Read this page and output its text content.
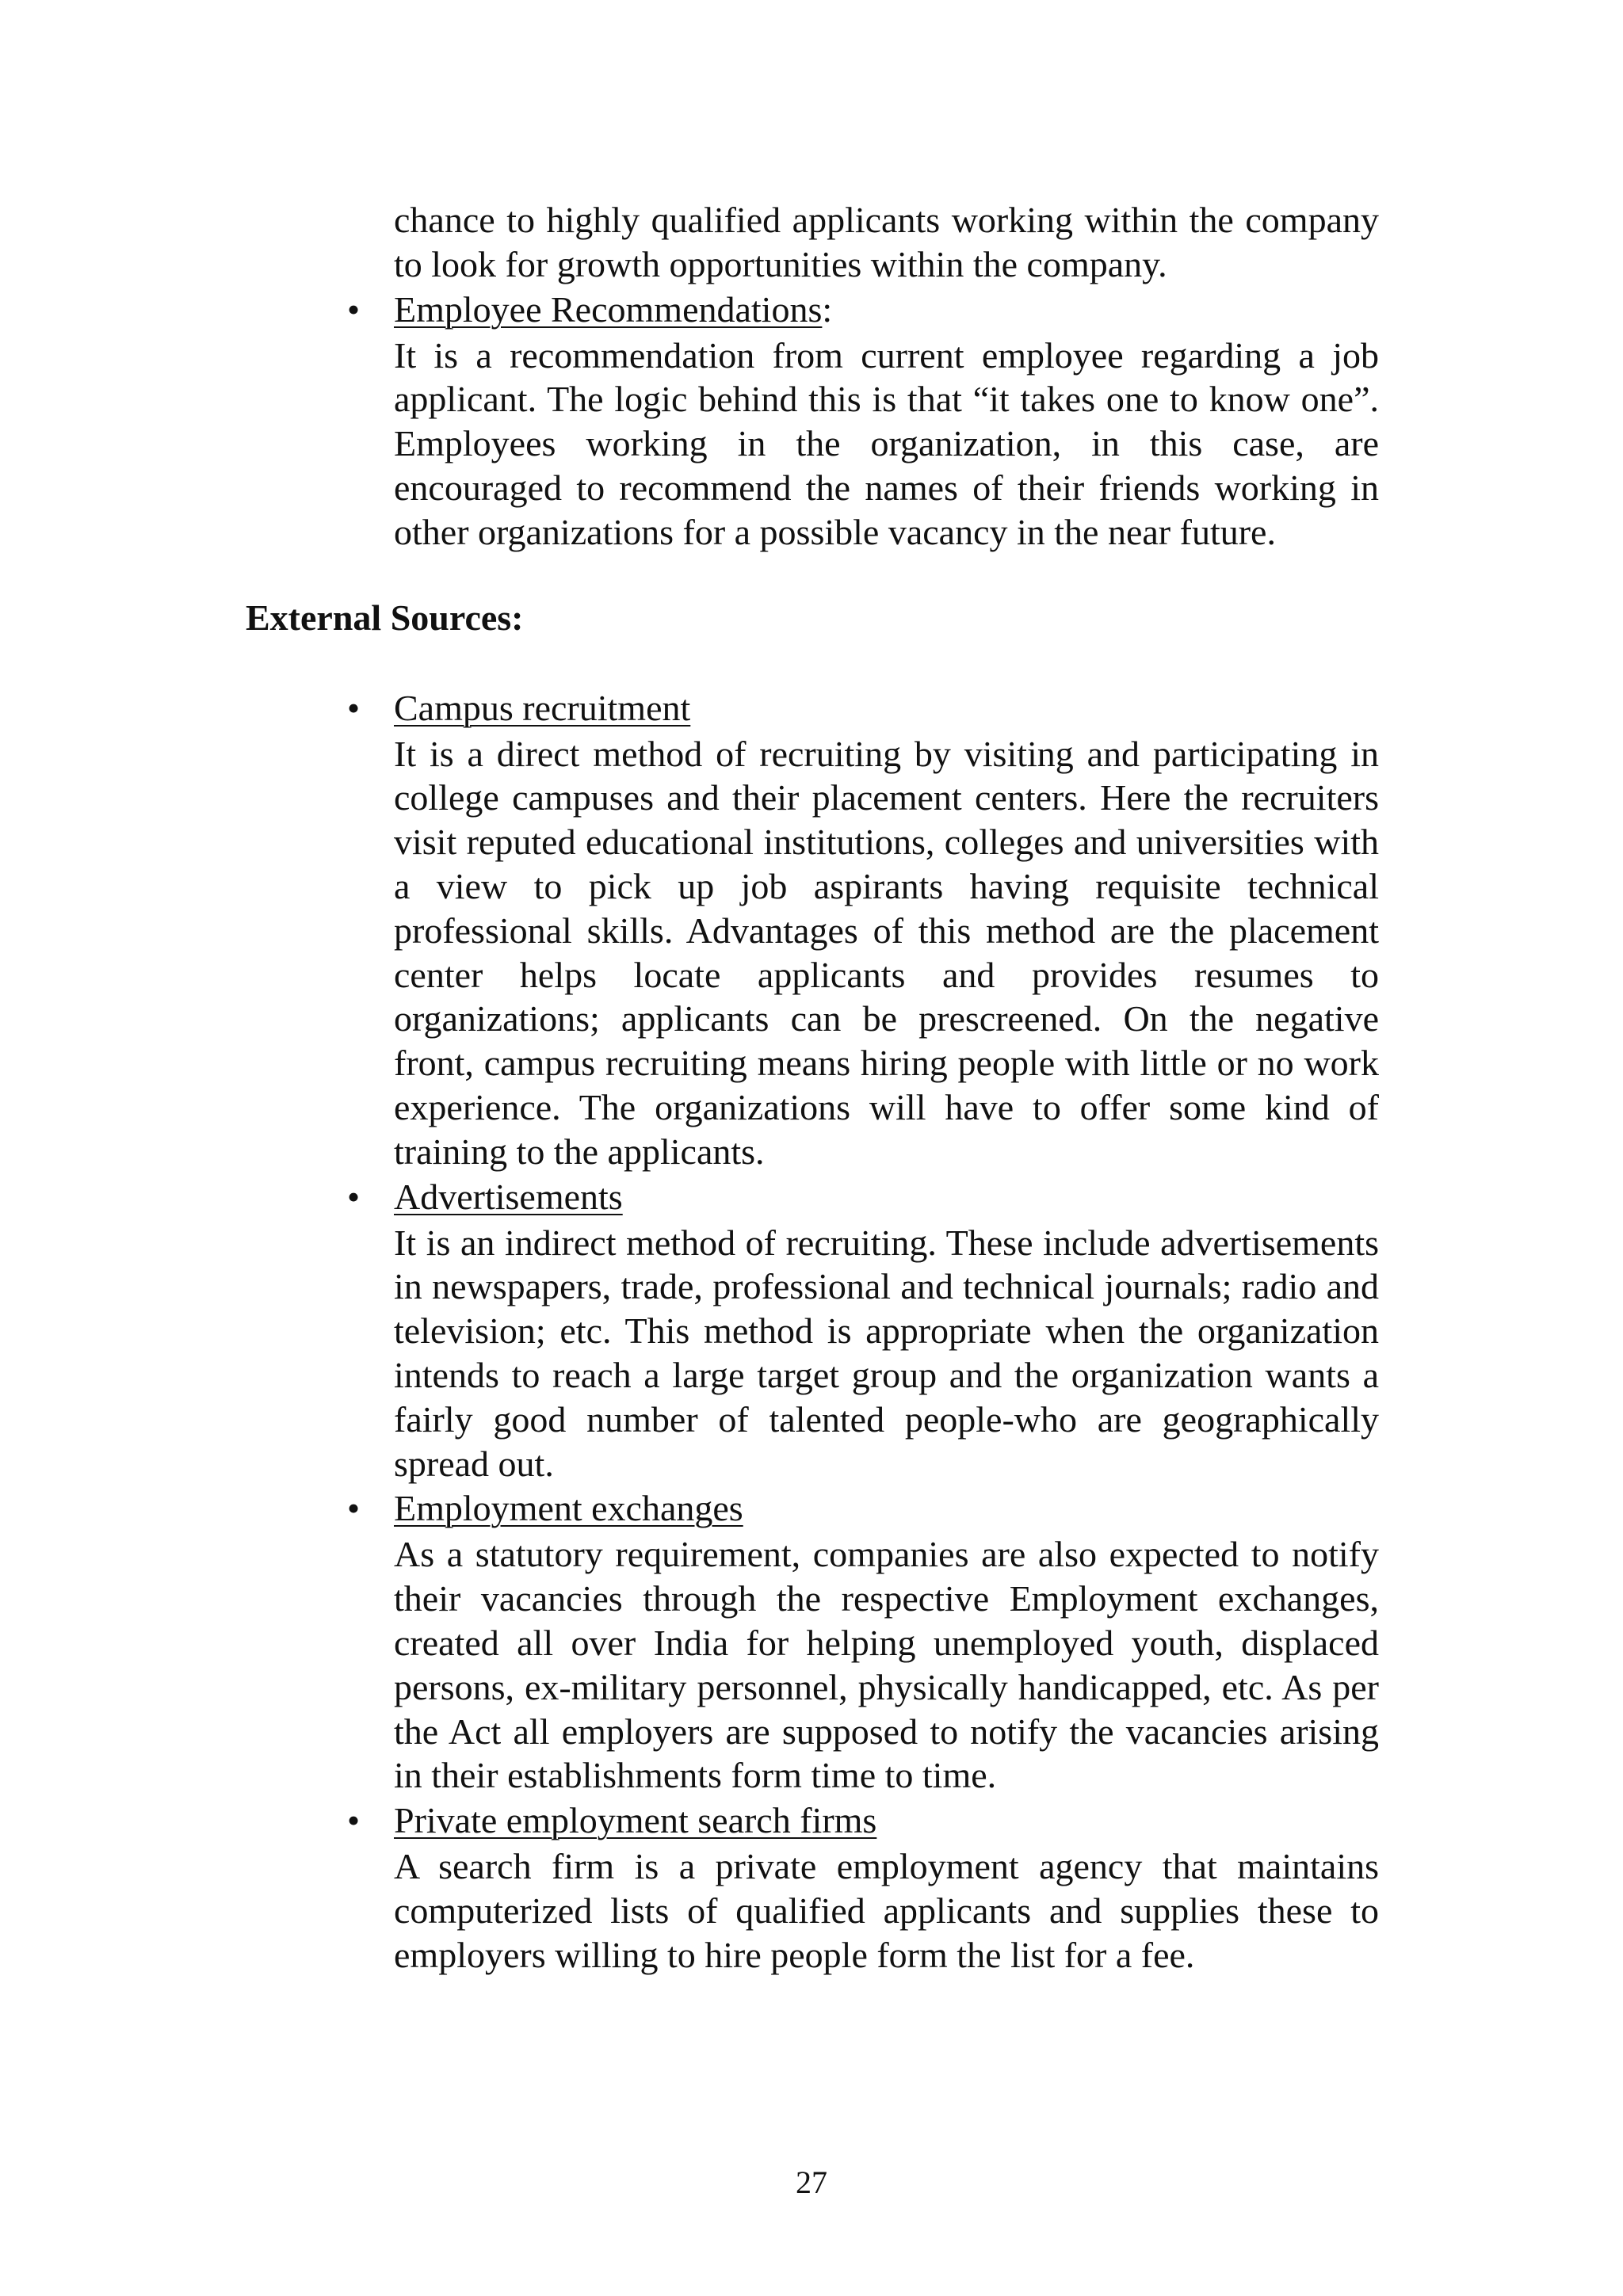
chance to highly qualified applicants working within the company to look for growth opportunities within the company.

• Employee Recommendations:

It is a recommendation from current employee regarding a job applicant. The logic behind this is that “it takes one to know one”. Employees working in the organization, in this case, are encouraged to recommend the names of their friends working in other organizations for a possible vacancy in the near future.

External Sources:
• Campus recruitment

It is a direct method of recruiting by visiting and participating in college campuses and their placement centers. Here the recruiters visit reputed educational institutions, colleges and universities with a view to pick up job aspirants having requisite technical professional skills. Advantages of this method are the placement center helps locate applicants and provides resumes to organizations; applicants can be prescreened. On the negative front, campus recruiting means hiring people with little or no work experience. The organizations will have to offer some kind of training to the applicants.

• Advertisements

It is an indirect method of recruiting. These include advertisements in newspapers, trade, professional and technical journals; radio and television; etc. This method is appropriate when the organization intends to reach a large target group and the organization wants a fairly good number of talented people-who are geographically spread out.

• Employment exchanges

As a statutory requirement, companies are also expected to notify their vacancies through the respective Employment exchanges, created all over India for helping unemployed youth, displaced persons, ex-military personnel, physically handicapped, etc. As per the Act all employers are supposed to notify the vacancies arising in their establishments form time to time.

• Private employment search firms

A search firm is a private employment agency that maintains computerized lists of qualified applicants and supplies these to employers willing to hire people form the list for a fee.

27
